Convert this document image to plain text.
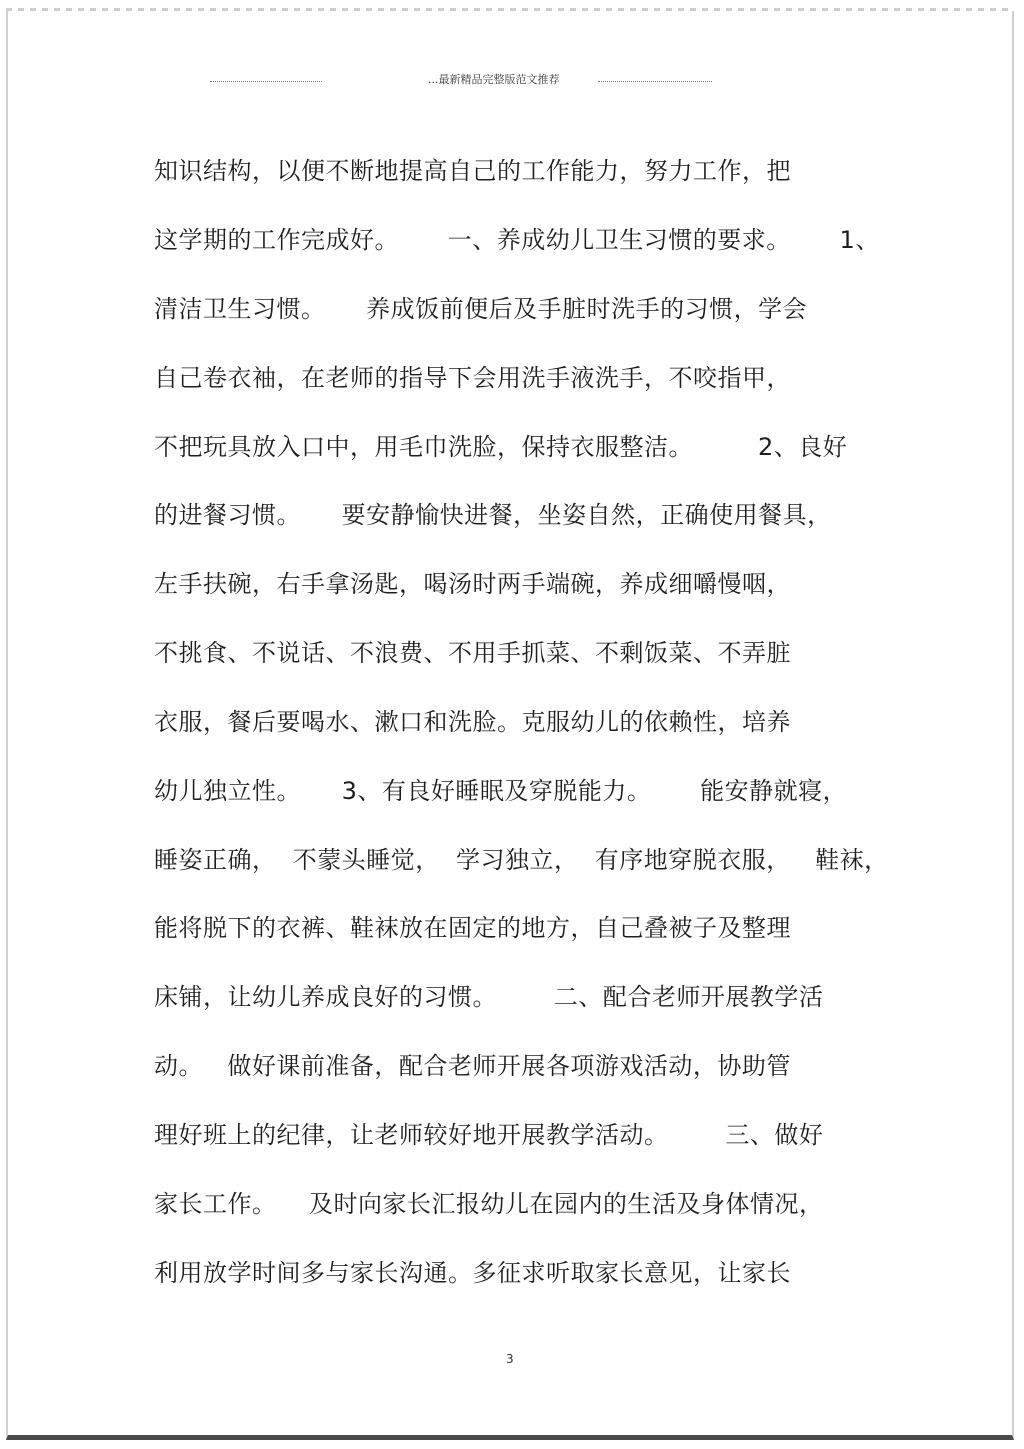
...最新精品完整版范文推荐
知识结构，以便不断地提高自己的工作能力，努力工作，把
这学期的工作完成好。      一、养成幼儿卫生习惯的要求。      1、
清洁卫生习惯。     养成饭前便后及手脏时洗手的习惯，学会
自己卷衣袖，在老师的指导下会用洗手液洗手，不咬指甲，
不把玩具放入口中，用毛巾洗脸，保持衣服整洁。        2、良好
的进餐习惯。     要安静愉快进餐，坐姿自然，正确使用餐具，
左手扶碗，右手拿汤匙，喝汤时两手端碗，养成细嚼慢咽，
不挑食、不说话、不浪费、不用手抓菜、不剩饭菜、不弄脏
衣服，餐后要喝水、漱口和洗脸。克服幼儿的依赖性，培养
幼儿独立性。     3、有良好睡眠及穿脱能力。      能安静就寝，
睡姿正确，  不蒙头睡觉，  学习独立，  有序地穿脱衣服，   鞋袜，
能将脱下的衣裤、鞋袜放在固定的地方，自己叠被子及整理
床铺，让幼儿养成良好的习惯。       二、配合老师开展教学活
动。   做好课前准备，配合老师开展各项游戏活动，协助管
理好班上的纪律，让老师较好地开展教学活动。       三、做好
家长工作。    及时向家长汇报幼儿在园内的生活及身体情况，
利用放学时间多与家长沟通。多征求听取家长意见，让家长
3
